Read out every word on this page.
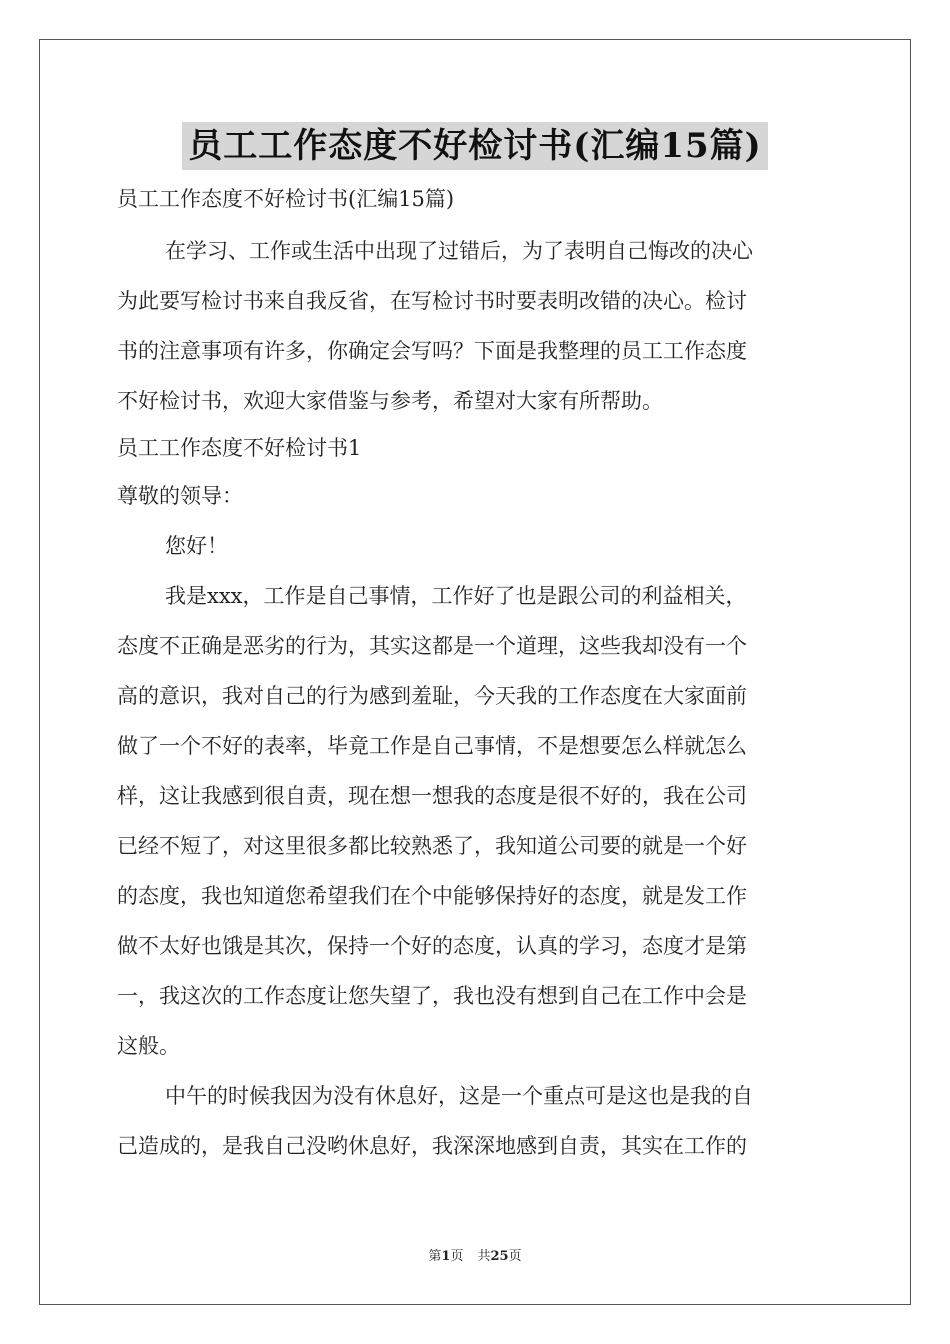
员工工作态度不好检讨书(汇编15篇)
员工工作态度不好检讨书(汇编15篇)
在学习、工作或生活中出现了过错后，为了表明自己悔改的决心
为此要写检讨书来自我反省，在写检讨书时要表明改错的决心。检讨
书的注意事项有许多，你确定会写吗？下面是我整理的员工工作态度
不好检讨书，欢迎大家借鉴与参考，希望对大家有所帮助。
员工工作态度不好检讨书1
尊敬的领导：
您好！
我是xxx，工作是自己事情，工作好了也是跟公司的利益相关，
态度不正确是恶劣的行为，其实这都是一个道理，这些我却没有一个
高的意识，我对自己的行为感到羞耻，今天我的工作态度在大家面前
做了一个不好的表率，毕竟工作是自己事情，不是想要怎么样就怎么
样，这让我感到很自责，现在想一想我的态度是很不好的，我在公司
已经不短了，对这里很多都比较熟悉了，我知道公司要的就是一个好
的态度，我也知道您希望我们在个中能够保持好的态度，就是发工作
做不太好也饿是其次，保持一个好的态度，认真的学习，态度才是第
一，我这次的工作态度让您失望了，我也没有想到自己在工作中会是
这般。
中午的时候我因为没有休息好，这是一个重点可是这也是我的自
己造成的，是我自己没哟休息好，我深深地感到自责，其实在工作的
第1页 共25页
